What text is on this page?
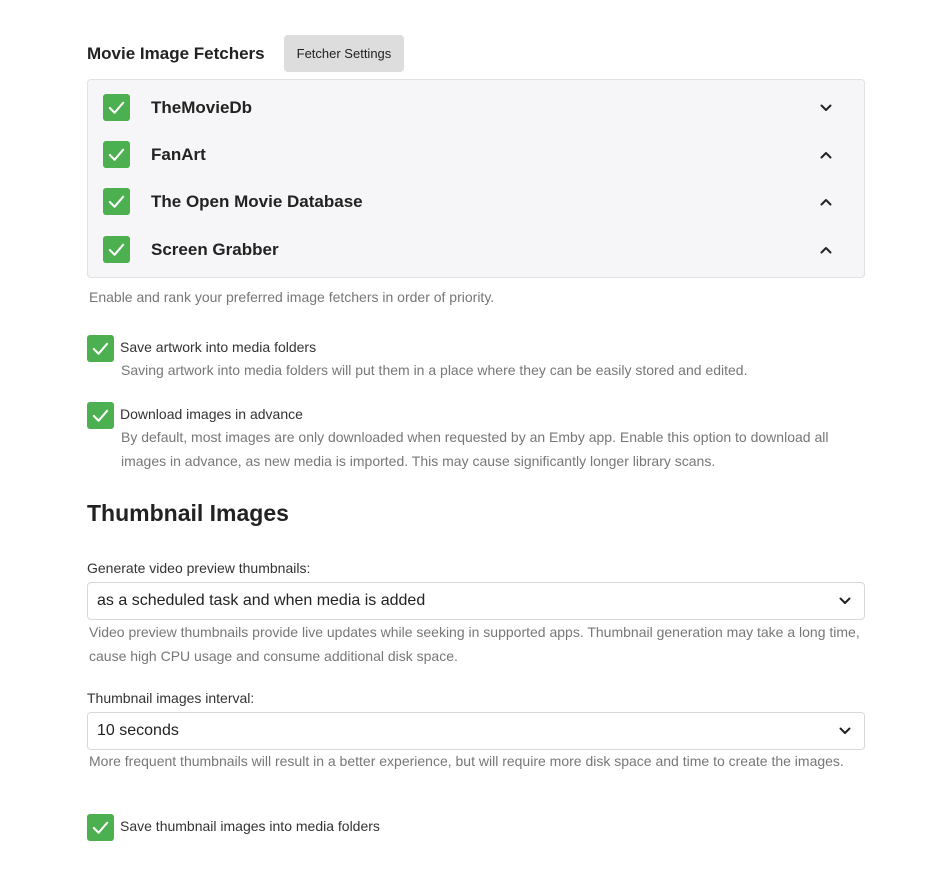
Movie Image Fetchers	Fetcher Settings
TheMovieDb
FanArt
The Open Movie Database
Screen Grabber
Enable and rank your preferred image fetchers in order of priority.
Save artwork into media folders
Saving artwork into media folders will put them in a place where they can be easily stored and edited.
Download images in advance
By default, most images are only downloaded when requested by an Emby app. Enable this option to download all images in advance, as new media is imported. This may cause significantly longer library scans.
Thumbnail Images
Generate video preview thumbnails:
as a scheduled task and when media is added
Video preview thumbnails provide live updates while seeking in supported apps. Thumbnail generation may take a long time, cause high CPU usage and consume additional disk space.
Thumbnail images interval:
10 seconds
More frequent thumbnails will result in a better experience, but will require more disk space and time to create the images.
Save thumbnail images into media folders
